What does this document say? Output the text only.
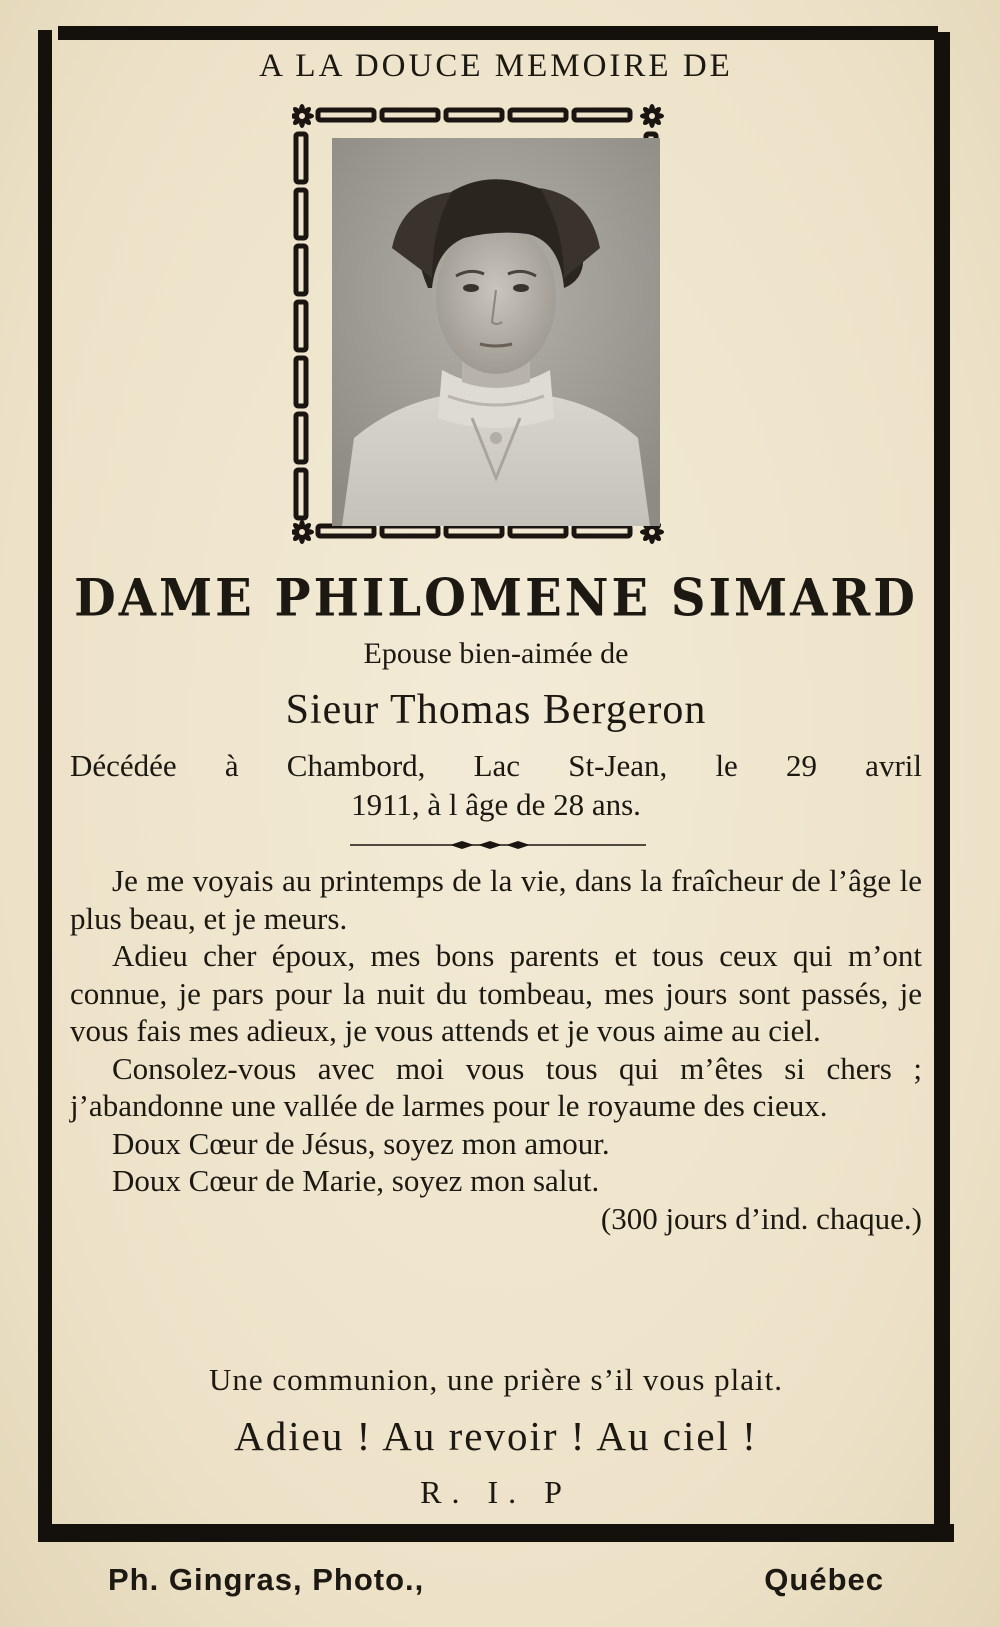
A LA DOUCE MEMOIRE DE
DAME PHILOMENE SIMARD
Epouse bien-aimée de
Sieur Thomas Bergeron
Décédée à Chambord, Lac St-Jean, le 29 avril
1911, à l âge de 28 ans.

Je me voyais au printemps de la vie, dans la fraîcheur de l’âge le plus beau, et je meurs.

Adieu cher époux, mes bons parents et tous ceux qui m’ont connue, je pars pour la nuit du tombeau, mes jours sont passés, je vous fais mes adieux, je vous attends et je vous aime au ciel.

Consolez-vous avec moi vous tous qui m’êtes si chers ; j’abandonne une vallée de larmes pour le royaume des cieux.

Doux Cœur de Jésus, soyez mon amour.

Doux Cœur de Marie, soyez mon salut.

(300 jours d’ind. chaque.)

Une communion, une prière s’il vous plait.
Adieu ! Au revoir ! Au ciel !
R. I. P
Ph. Gingras, Photo.,	Québec
